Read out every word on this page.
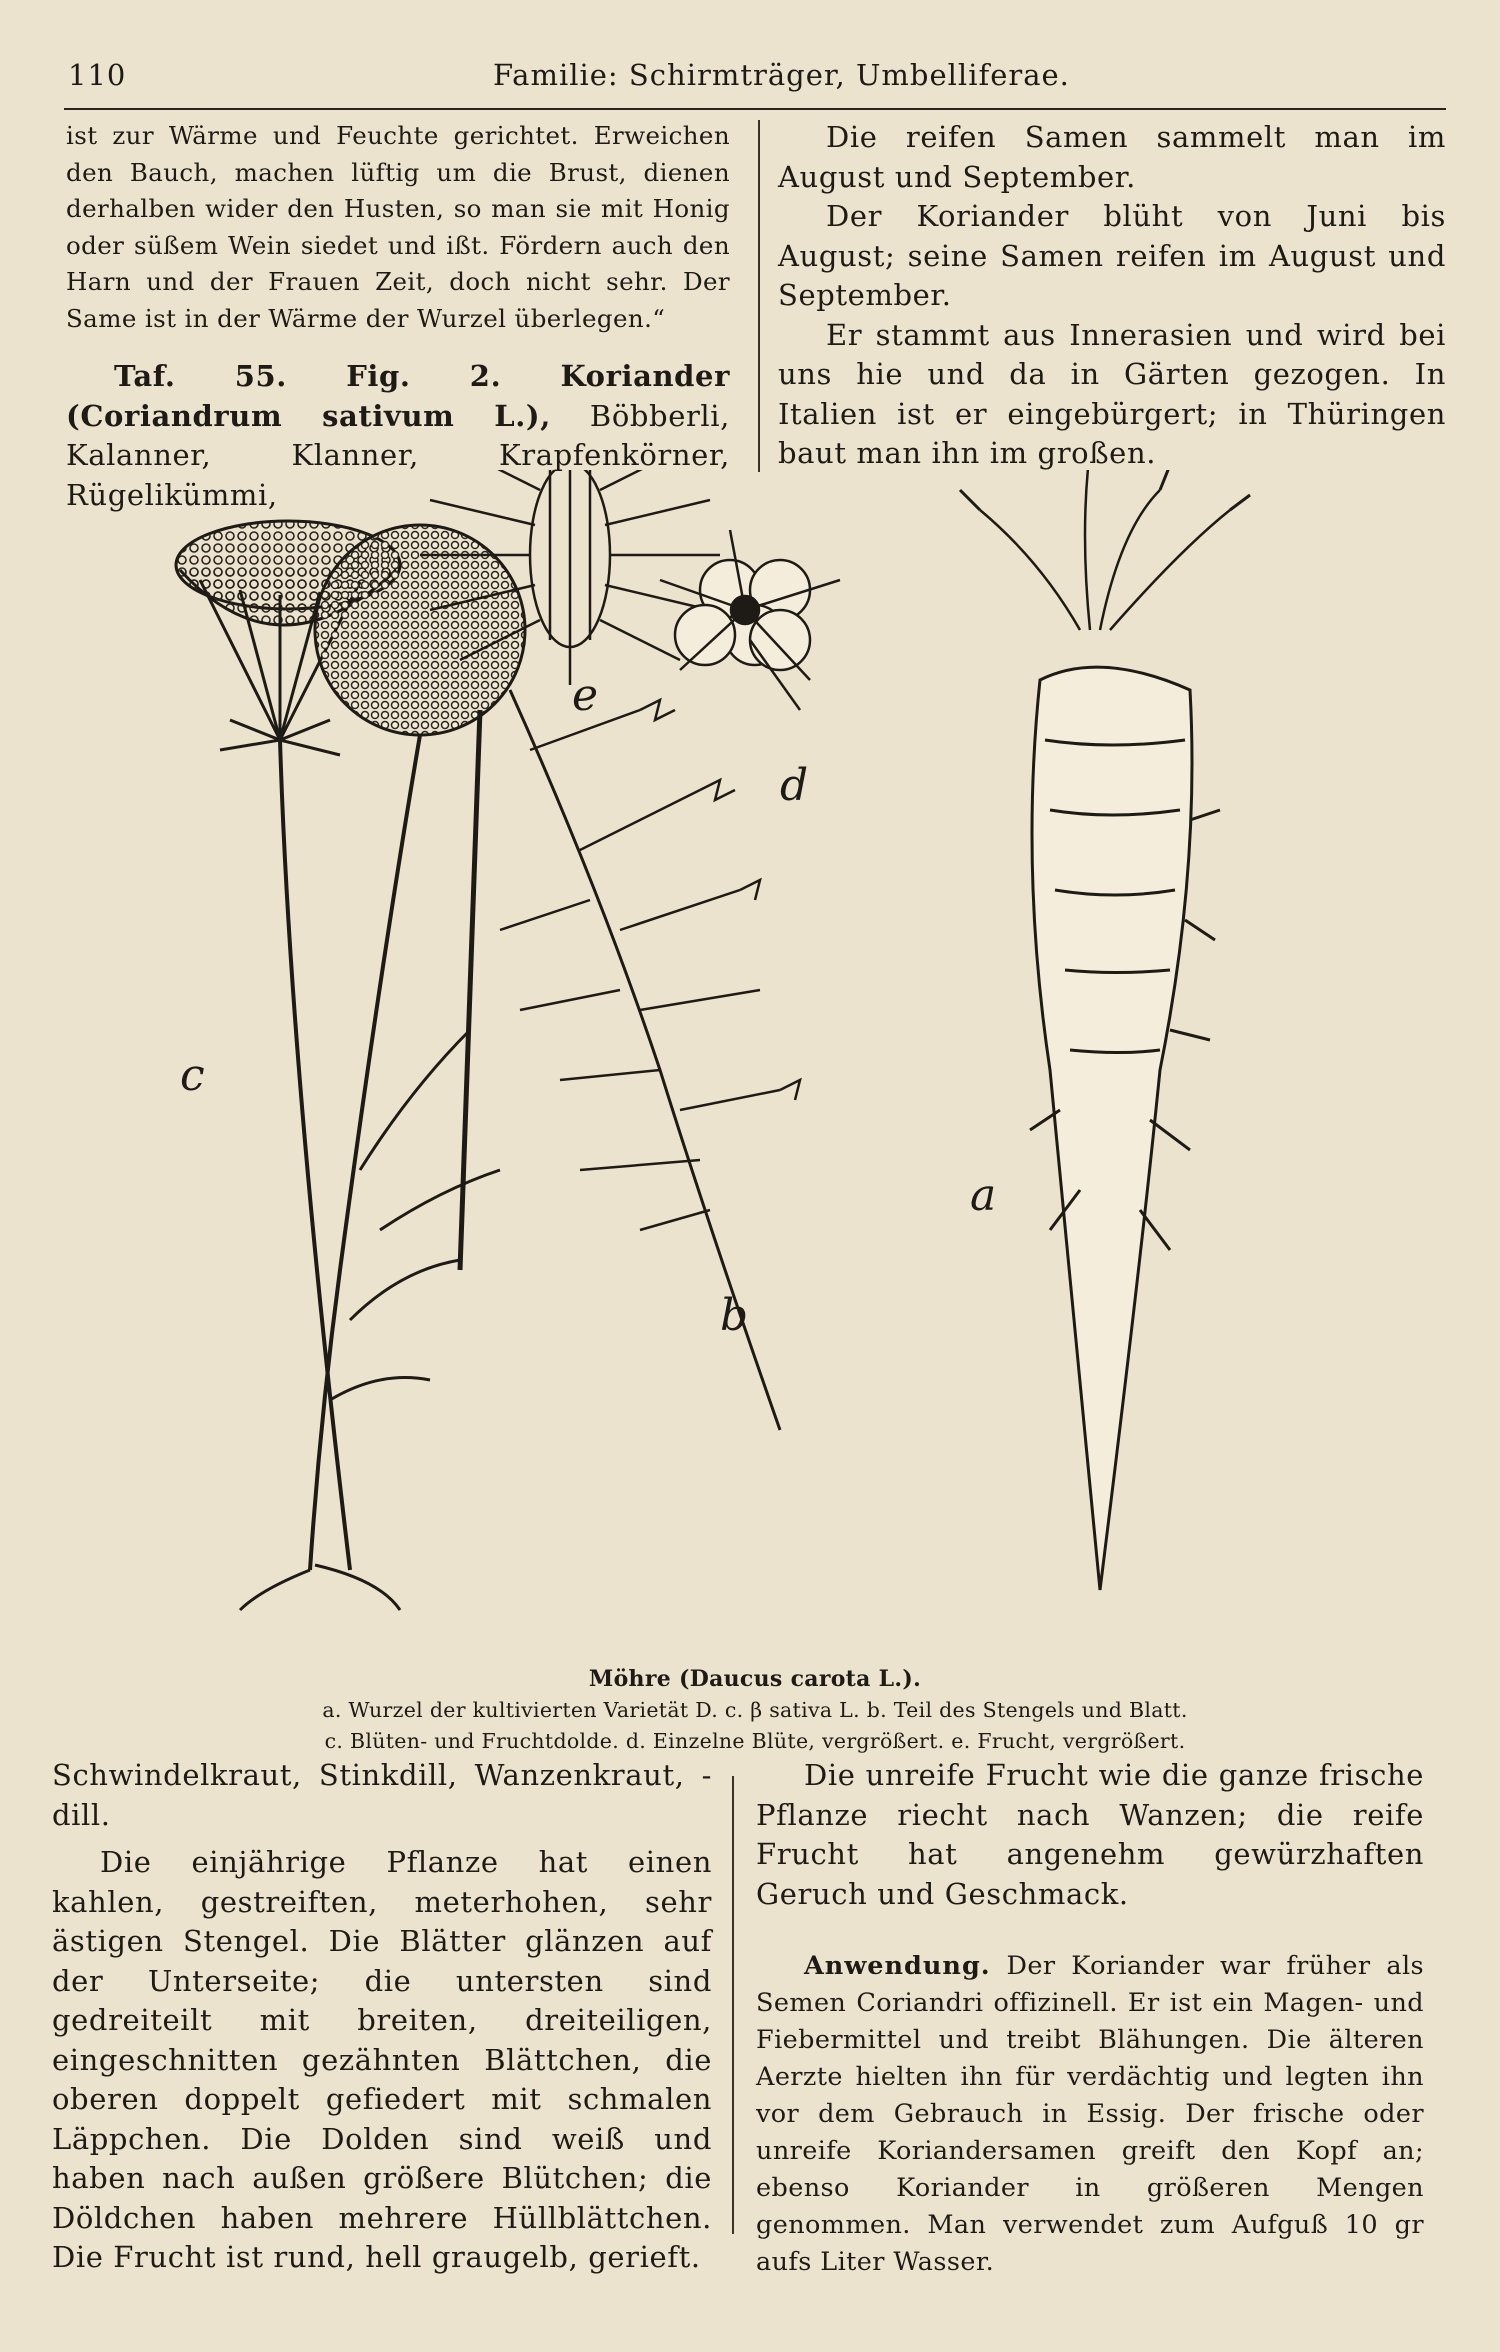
110	Familie: Schirmträger, Umbelliferae.

ist zur Wärme und Feuchte gerichtet. Erweichen den Bauch, machen lüftig um die Brust, dienen derhalben wider den Husten, so man sie mit Honig oder süßem Wein siedet und ißt. Fördern auch den Harn und der Frauen Zeit, doch nicht sehr. Der Same ist in der Wärme der Wurzel überlegen.“

Taf. 55. Fig. 2. Koriander (Coriandrum sativum L.), Böbberli, Kalanner, Klanner, Krapfenkörner, Rügelikümmi,

Die reifen Samen sammelt man im August und September.

Der Koriander blüht von Juni bis August; seine Samen reifen im August und September.

Er stammt aus Innerasien und wird bei uns hie und da in Gärten gezogen. In Italien ist er eingebürgert; in Thüringen baut man ihn im großen.

c
e
d
b
a
Möhre (Daucus carota L.).
a. Wurzel der kultivierten Varietät D. c. β sativa L. b. Teil des Stengels und Blatt.
c. Blüten- und Fruchtdolde. d. Einzelne Blüte, vergrößert. e. Frucht, vergrößert.

Schwindelkraut, Stinkdill, Wanzenkraut, -dill.

Die einjährige Pflanze hat einen kahlen, gestreiften, meterhohen, sehr ästigen Stengel. Die Blätter glänzen auf der Unterseite; die untersten sind gedreiteilt mit breiten, dreiteiligen, eingeschnitten gezähnten Blättchen, die oberen doppelt gefiedert mit schmalen Läppchen. Die Dolden sind weiß und haben nach außen größere Blütchen; die Döldchen haben mehrere Hüllblättchen. Die Frucht ist rund, hell graugelb, gerieft.

Die unreife Frucht wie die ganze frische Pflanze riecht nach Wanzen; die reife Frucht hat angenehm gewürzhaften Geruch und Geschmack.

Anwendung. Der Koriander war früher als Semen Coriandri offizinell. Er ist ein Magen- und Fiebermittel und treibt Blähungen. Die älteren Aerzte hielten ihn für verdächtig und legten ihn vor dem Gebrauch in Essig. Der frische oder unreife Koriandersamen greift den Kopf an; ebenso Koriander in größeren Mengen genommen. Man verwendet zum Aufguß 10 gr aufs Liter Wasser.
